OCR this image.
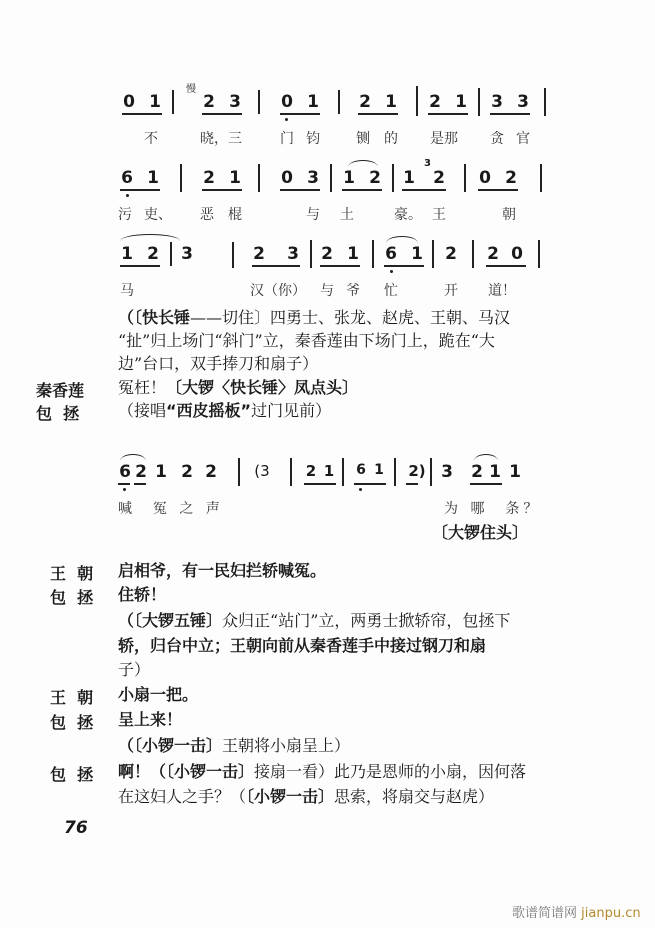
慢
0 1 2 3 0 1 2 1 2 1 3 3
不	晓，三	门 钧	铡 的 是那 贪 官
6 1	2 1 0 3 1 2
3
1 2 0 2
污 吏、 恶 棍	与 土	豪。 王	朝
1 2 3	2 3 2 1 6 1 2 2 0
马	汉（你） 与 爷 忙	开 道！
（〔快长锤——切住〕四勇士、张龙、赵虎、王朝、马汉
“扯”归上场门“斜门”立，秦香莲由下场门上，跪在“大
边”台口，双手捧刀和扇子）
秦香莲 冤枉！〔大锣〈快长锤〉凤点头〕
包  拯 （接唱“西皮摇板”过门见前）
6 2 1 2 2 (3 2 1 6 1 2) 3 2 1 1
喊  冤 之 声	为 哪  条？
〔大锣住头〕
王  朝 启相爷，有一民妇拦轿喊冤。
包  拯 住轿！
（〔大锣五锤〕众归正“站门”立，两勇士掀轿帘，包拯下
轿，归台中立；王朝向前从秦香莲手中接过钢刀和扇
子）
王  朝 小扇一把。
包  拯 呈上来！
（〔小锣一击〕王朝将小扇呈上）
包  拯 啊！（〔小锣一击〕接扇一看）此乃是恩师的小扇，因何落
在这妇人之手？（〔小锣一击〕思索，将扇交与赵虎）
76
歌谱简谱网 jianpu.cn
